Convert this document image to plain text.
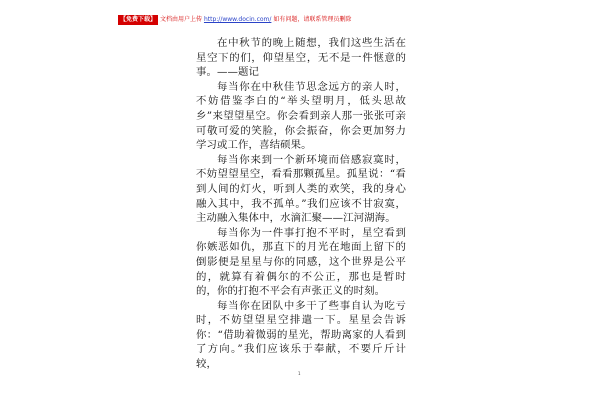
【免费下载】 文档由用户上传 http://www.docin.com/ 如有问题，请联系管理员删除

在中秋节的晚上随想，我们这些生活在星空下的们，仰望星空，无不是一件惬意的事。——题记

每当你在中秋佳节思念远方的亲人时，不妨借鉴李白的“举头望明月，低头思故乡”来望望星空。你会看到亲人那一张张可亲可敬可爱的笑脸，你会振奋，你会更加努力学习或工作，喜结硕果。

每当你来到一个新环境而倍感寂寞时，不妨望望星空，看看那颗孤星。孤星说：“看到人间的灯火，听到人类的欢笑，我的身心融入其中，我不孤单。”我们应该不甘寂寞，主动融入集体中，水滴汇聚——江河湖海。

每当你为一件事打抱不平时，星空看到你嫉恶如仇，那直下的月光在地面上留下的倒影便是星星与你的同感，这个世界是公平的，就算有着偶尔的不公正，那也是暂时的，你的打抱不平会有声张正义的时刻。

每当你在团队中多干了些事自认为吃亏时，不妨望望星空排遣一下。星星会告诉你：“借助着微弱的星光，帮助离家的人看到了方向。”我们应该乐于奉献，不要斤斤计较，

1
